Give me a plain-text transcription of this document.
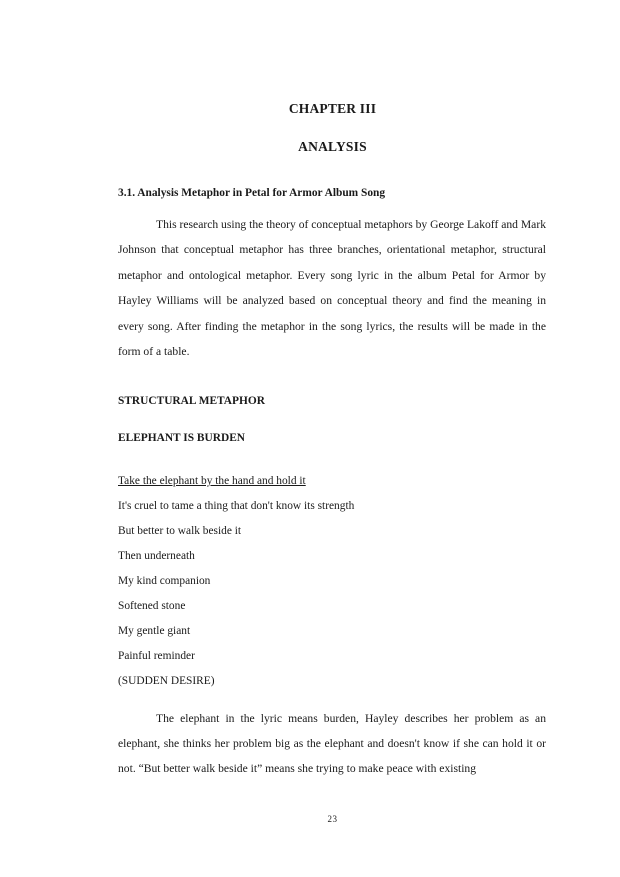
CHAPTER III
ANALYSIS
3.1. Analysis Metaphor in Petal for Armor Album Song
This research using the theory of conceptual metaphors by George Lakoff and Mark Johnson that conceptual metaphor has three branches, orientational metaphor, structural metaphor and ontological metaphor. Every song lyric in the album Petal for Armor by Hayley Williams will be analyzed based on conceptual theory and find the meaning in every song. After finding the metaphor in the song lyrics, the results will be made in the form of a table.
STRUCTURAL METAPHOR
ELEPHANT IS BURDEN
Take the elephant by the hand and hold it
It's cruel to tame a thing that don't know its strength
But better to walk beside it
Then underneath
My kind companion
Softened stone
My gentle giant
Painful reminder
(SUDDEN DESIRE)
The elephant in the lyric means burden, Hayley describes her problem as an elephant, she thinks her problem big as the elephant and doesn't know if she can hold it or not. “But better walk beside it” means she trying to make peace with existing
23
